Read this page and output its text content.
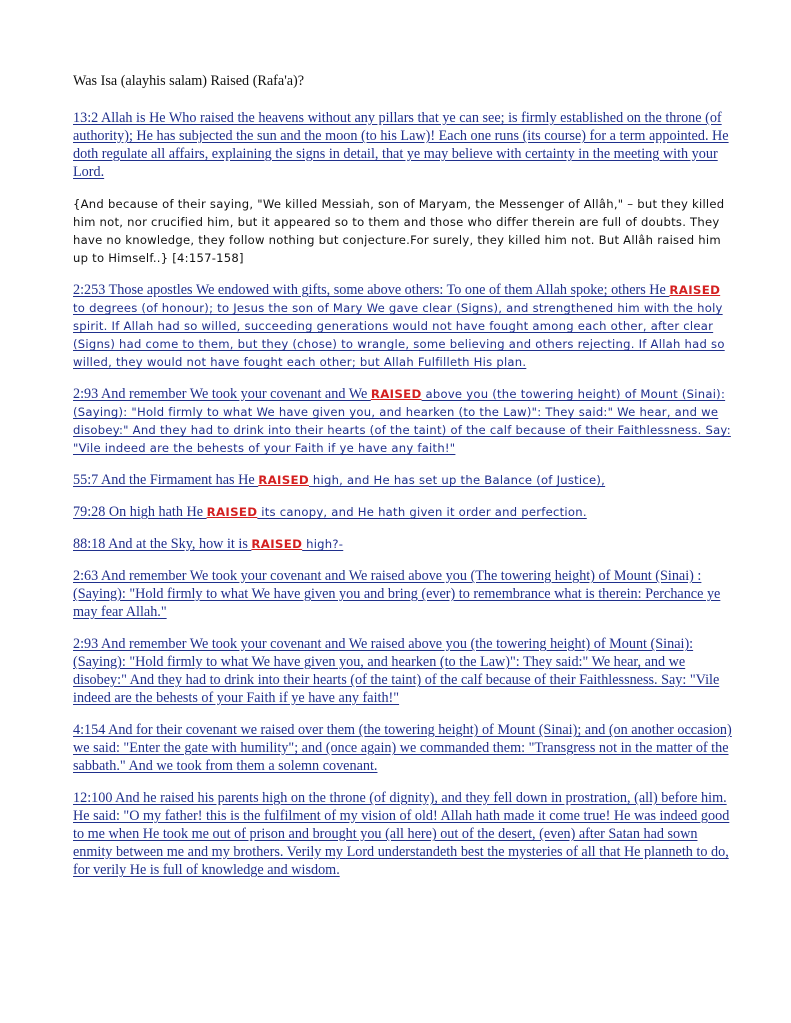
Was Isa (alayhis salam) Raised (Rafa'a)?
13:2 Allah is He Who raised the heavens without any pillars that ye can see; is firmly established on the throne (of authority); He has subjected the sun and the moon (to his Law)! Each one runs (its course) for a term appointed. He doth regulate all affairs, explaining the signs in detail, that ye may believe with certainty in the meeting with your Lord.
{And because of their saying, "We killed Messiah, son of Maryam, the Messenger of Allâh," – but they killed him not, nor crucified him, but it appeared so to them and those who differ therein are full of doubts. They have no knowledge, they follow nothing but conjecture.For surely, they killed him not. But Allâh raised him up to Himself..} [4:157-158]
2:253 Those apostles We endowed with gifts, some above others: To one of them Allah spoke; others He RAISED to degrees (of honour); to Jesus the son of Mary We gave clear (Signs), and strengthened him with the holy spirit. If Allah had so willed, succeeding generations would not have fought among each other, after clear (Signs) had come to them, but they (chose) to wrangle, some believing and others rejecting. If Allah had so willed, they would not have fought each other; but Allah Fulfilleth His plan.
2:93 And remember We took your covenant and We RAISED above you (the towering height) of Mount (Sinai): (Saying): "Hold firmly to what We have given you, and hearken (to the Law)": They said:" We hear, and we disobey:" And they had to drink into their hearts (of the taint) of the calf because of their Faithlessness. Say: "Vile indeed are the behests of your Faith if ye have any faith!"
55:7 And the Firmament has He RAISED high, and He has set up the Balance (of Justice),
79:28 On high hath He RAISED its canopy, and He hath given it order and perfection.
88:18 And at the Sky, how it is RAISED high?-
2:63 And remember We took your covenant and We raised above you (The towering height) of Mount (Sinai) : (Saying): "Hold firmly to what We have given you and bring (ever) to remembrance what is therein: Perchance ye may fear Allah."
2:93 And remember We took your covenant and We raised above you (the towering height) of Mount (Sinai): (Saying): "Hold firmly to what We have given you, and hearken (to the Law)": They said:" We hear, and we disobey:" And they had to drink into their hearts (of the taint) of the calf because of their Faithlessness. Say: "Vile indeed are the behests of your Faith if ye have any faith!"
4:154 And for their covenant we raised over them (the towering height) of Mount (Sinai); and (on another occasion) we said: "Enter the gate with humility"; and (once again) we commanded them: "Transgress not in the matter of the sabbath." And we took from them a solemn covenant.
12:100 And he raised his parents high on the throne (of dignity), and they fell down in prostration, (all) before him. He said: "O my father! this is the fulfilment of my vision of old! Allah hath made it come true! He was indeed good to me when He took me out of prison and brought you (all here) out of the desert, (even) after Satan had sown enmity between me and my brothers. Verily my Lord understandeth best the mysteries of all that He planneth to do, for verily He is full of knowledge and wisdom.
